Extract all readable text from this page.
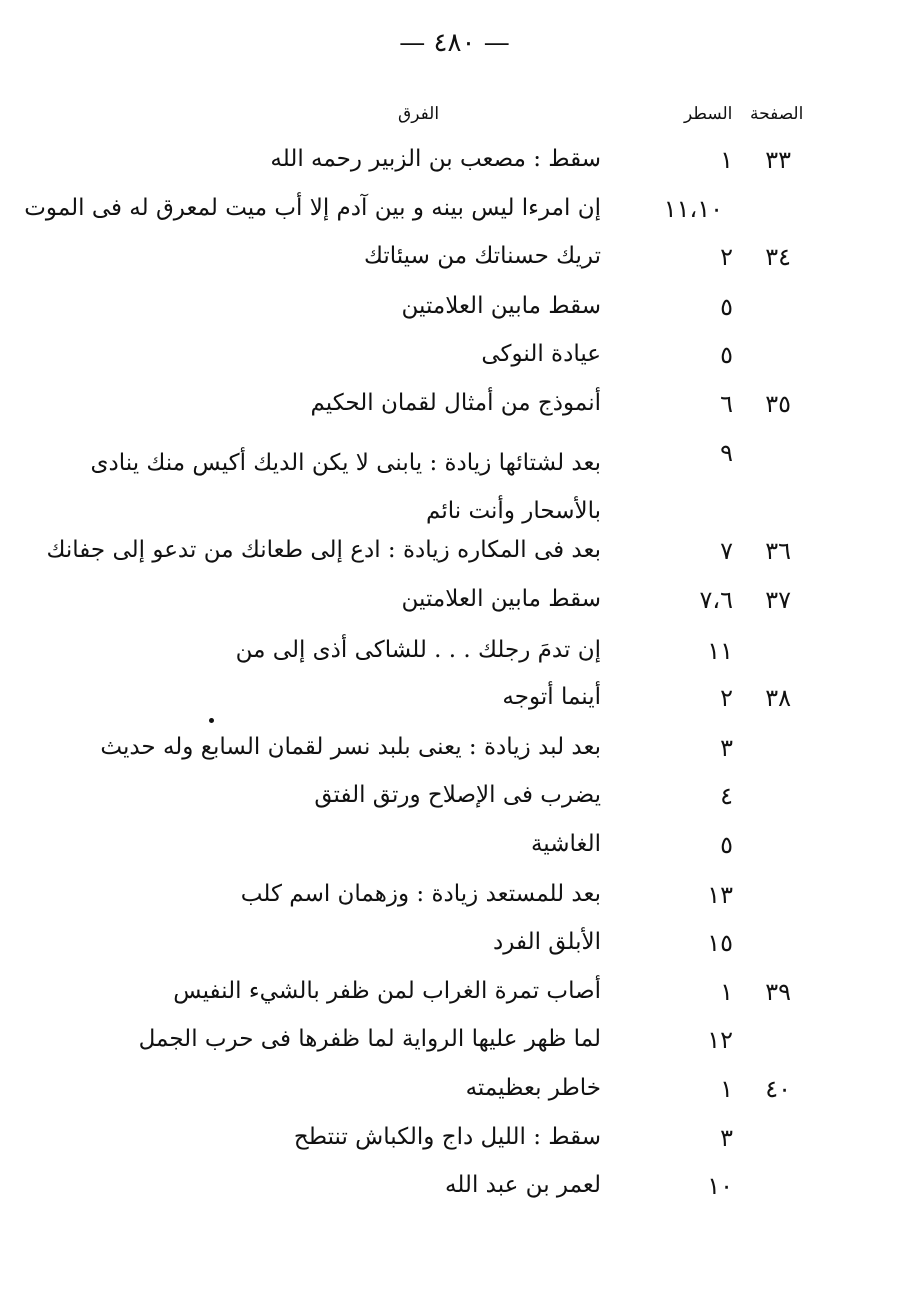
— ٤٨٠ —
الصفحة
السطر
الفرق
٣٣
١
سقط : مصعب بن الزبير رحمه الله
١١،١٠
إن امرءا ليس بينه و بين آدم إلا أب ميت لمعرق له فى الموت
٣٤
٢
تريك حسناتك من سيئاتك
٥
سقط مابين العلامتين
٥
عيادة النوكى
٣٥
٦
أنموذج من أمثال لقمان الحكيم
٩
بعد لشتائها زيادة : يابنى لا يكن الديك أكيس منك ينادى بالأسحار وأنت نائم
٣٦
٧
بعد فى المكاره زيادة : ادع إلى طعانك من تدعو إلى جفانك
٣٧
٧،٦
سقط مابين العلامتين
١١
إن تدمَ رجلك . . . للشاكى أذى إلى من
٣٨
٢
أينما أتوجه
٣
بعد لبد زيادة : يعنى بلبد نسر لقمان السابع وله حديث
٤
يضرب فى الإصلاح ورتق الفتق
٥
الغاشية
١٣
بعد للمستعد زيادة : وزهمان اسم كلب
١٥
الأبلق الفرد
٣٩
١
أصاب تمرة الغراب لمن ظفر بالشيء النفيس
١٢
لما ظهر عليها الرواية لما ظفرها فى حرب الجمل
٤٠
١
خاطر بعظيمته
٣
سقط : الليل داج والكباش تنتطح
١٠
لعمر بن عبد الله
